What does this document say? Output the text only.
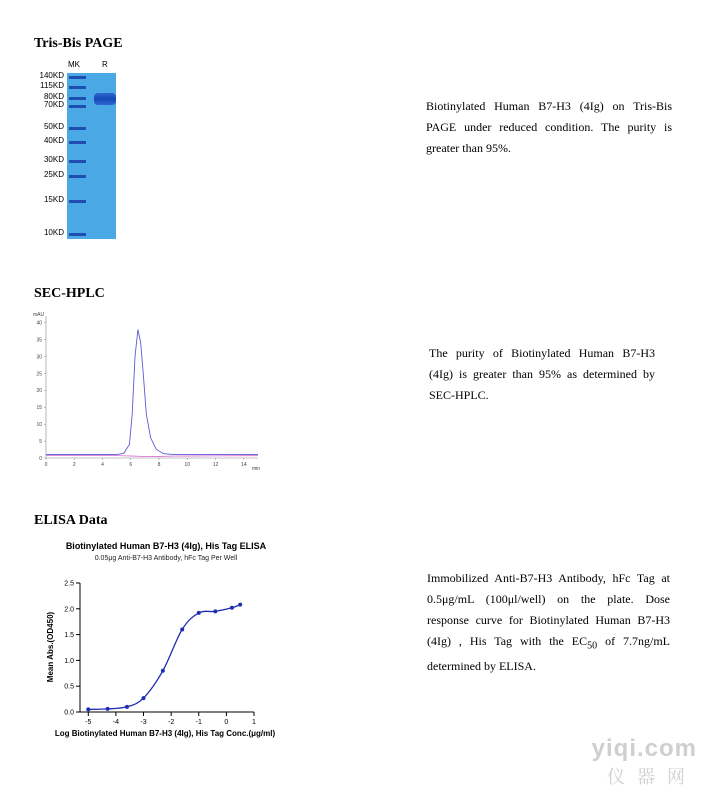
Tris-Bis PAGE
MK	R
140KD
115KD
80KD
70KD
50KD
40KD
30KD
25KD
15KD
10KD
Biotinylated Human B7-H3 (4Ig) on Tris-Bis PAGE under reduced condition. The purity is greater than 95%.
SEC-HPLC
0
5
10
15
20
25
30
35
40
0	2	4	6	8	10	12	14
mAU
min
The purity of Biotinylated Human B7-H3 (4Ig) is greater than 95% as determined by SEC-HPLC.
ELISA Data
Biotinylated Human B7-H3 (4Ig), His Tag ELISA
0.05μg Anti-B7-H3 Antibody, hFc Tag Per Well
0.0
0.5
1.0
1.5
2.0
2.5
-5	-4	-3	-2	-1	0	1
Mean Abs.(OD450)
Log Biotinylated Human B7-H3 (4Ig), His Tag Conc.(μg/ml)
Immobilized Anti-B7-H3 Antibody, hFc Tag at 0.5μg/mL (100μl/well) on the plate. Dose response curve for Biotinylated Human B7-H3 (4Ig) , His Tag with the $EC_{50}$ of 7.7ng/mL determined by ELISA.
yiqi.com
仪器网
